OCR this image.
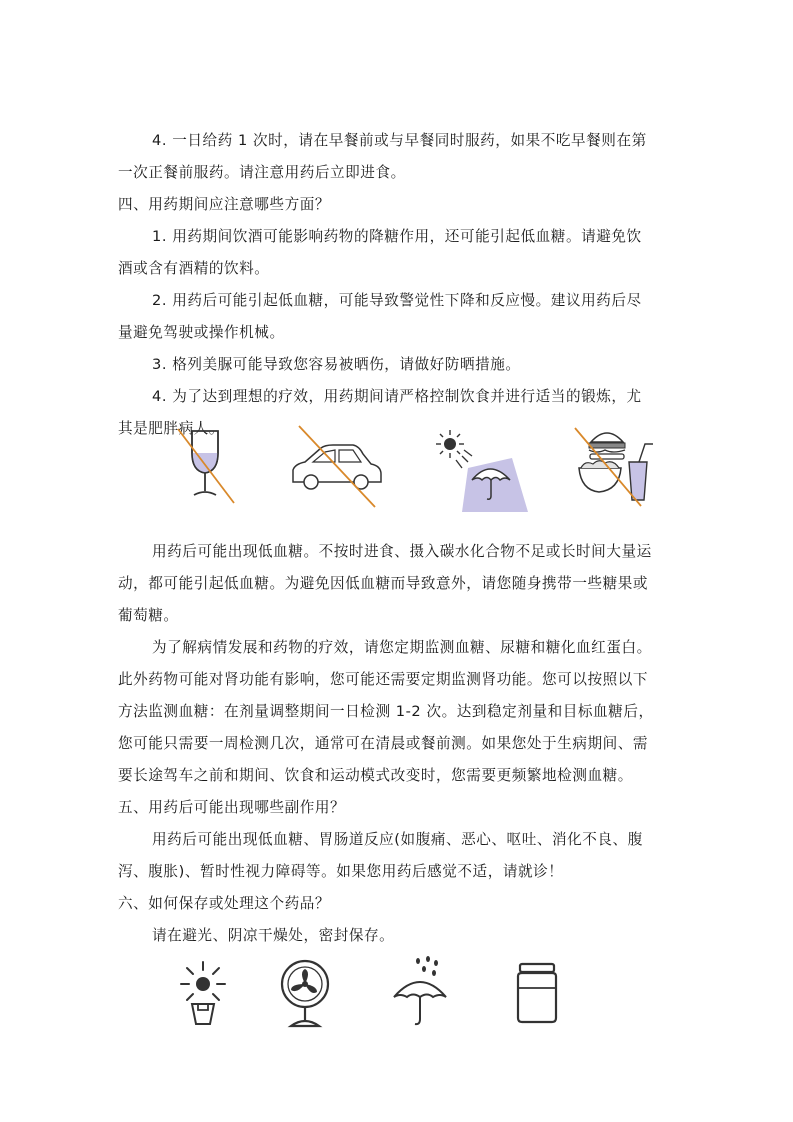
4. 一日给药 1 次时，请在早餐前或与早餐同时服药，如果不吃早餐则在第
一次正餐前服药。请注意用药后立即进食。
四、用药期间应注意哪些方面？
1. 用药期间饮酒可能影响药物的降糖作用，还可能引起低血糖。请避免饮
酒或含有酒精的饮料。
2. 用药后可能引起低血糖，可能导致警觉性下降和反应慢。建议用药后尽
量避免驾驶或操作机械。
3. 格列美脲可能导致您容易被晒伤，请做好防晒措施。
4. 为了达到理想的疗效，用药期间请严格控制饮食并进行适当的锻炼，尤
其是肥胖病人。
用药后可能出现低血糖。不按时进食、摄入碳水化合物不足或长时间大量运
动，都可能引起低血糖。为避免因低血糖而导致意外，请您随身携带一些糖果或
葡萄糖。
为了解病情发展和药物的疗效，请您定期监测血糖、尿糖和糖化血红蛋白。
此外药物可能对肾功能有影响，您可能还需要定期监测肾功能。您可以按照以下
方法监测血糖：在剂量调整期间一日检测 1-2 次。达到稳定剂量和目标血糖后，
您可能只需要一周检测几次，通常可在清晨或餐前测。如果您处于生病期间、需
要长途驾车之前和期间、饮食和运动模式改变时，您需要更频繁地检测血糖。
五、用药后可能出现哪些副作用？
用药后可能出现低血糖、胃肠道反应(如腹痛、恶心、呕吐、消化不良、腹
泻、腹胀)、暂时性视力障碍等。如果您用药后感觉不适，请就诊！
六、如何保存或处理这个药品？
请在避光、阴凉干燥处，密封保存。
